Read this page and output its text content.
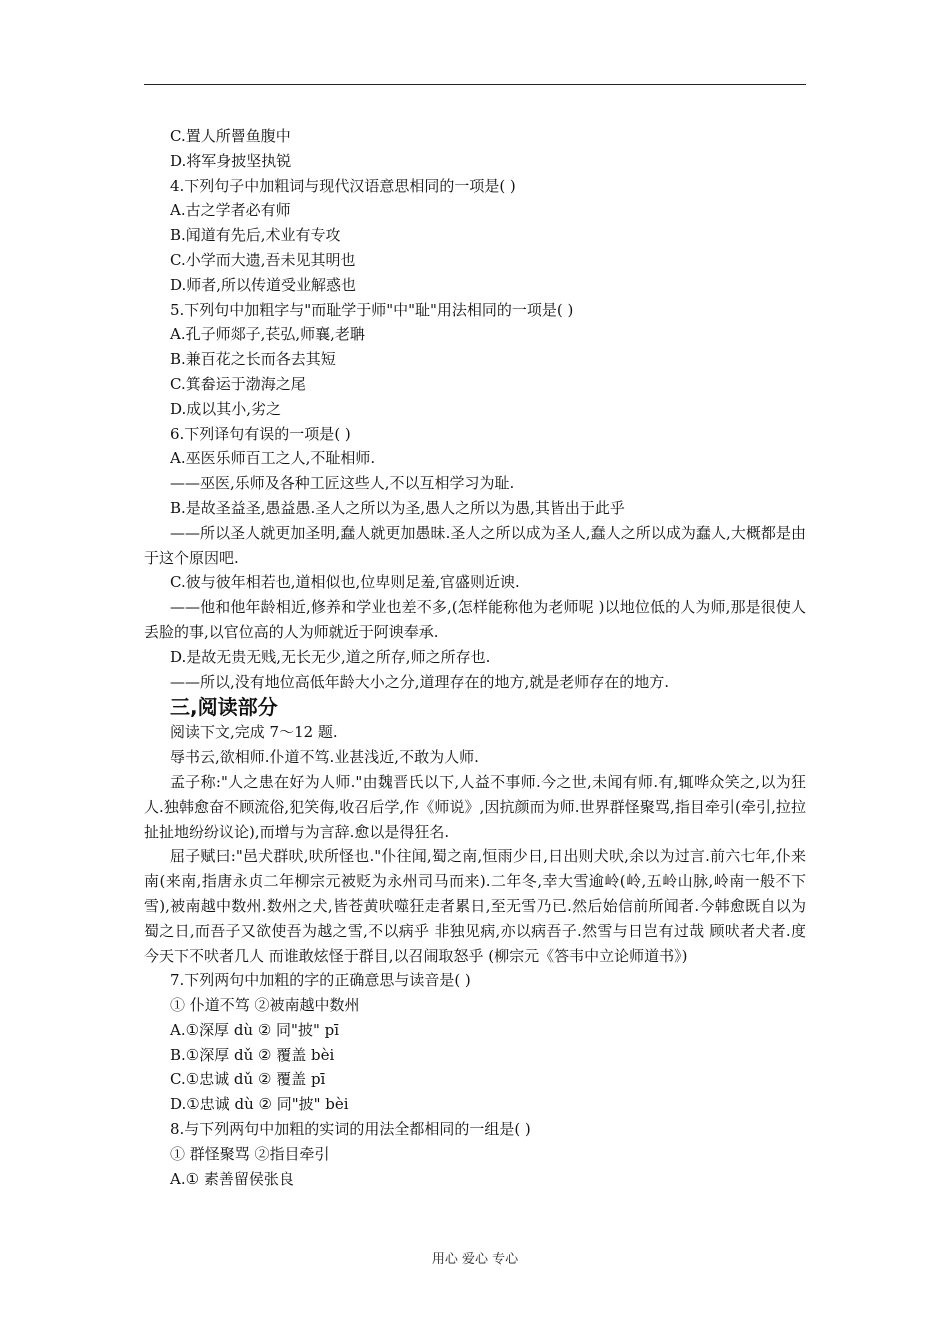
C.置人所罾鱼腹中
D.将军身披坚执锐
4.下列句子中加粗词与现代汉语意思相同的一项是( )
A.古之学者必有师
B.闻道有先后,术业有专攻
C.小学而大遗,吾未见其明也
D.师者,所以传道受业解惑也
5.下列句中加粗字与"而耻学于师"中"耻"用法相同的一项是( )
A.孔子师郯子,苌弘,师襄,老聃
B.兼百花之长而各去其短
C.箕畚运于渤海之尾
D.成以其小,劣之
6.下列译句有误的一项是( )
A.巫医乐师百工之人,不耻相师.
——巫医,乐师及各种工匠这些人,不以互相学习为耻.
B.是故圣益圣,愚益愚.圣人之所以为圣,愚人之所以为愚,其皆出于此乎
——所以圣人就更加圣明,蠢人就更加愚昧.圣人之所以成为圣人,蠢人之所以成为蠢人,大概都是由于这个原因吧.
C.彼与彼年相若也,道相似也,位卑则足羞,官盛则近谀.
——他和他年龄相近,修养和学业也差不多,(怎样能称他为老师呢 )以地位低的人为师,那是很使人丢脸的事,以官位高的人为师就近于阿谀奉承.
D.是故无贵无贱,无长无少,道之所存,师之所存也.
——所以,没有地位高低年龄大小之分,道理存在的地方,就是老师存在的地方.
三,阅读部分
阅读下文,完成 7～12 题.
辱书云,欲相师.仆道不笃.业甚浅近,不敢为人师.
孟子称:"人之患在好为人师."由魏晋氏以下,人益不事师.今之世,未闻有师.有,辄哗众笑之,以为狂人.独韩愈奋不顾流俗,犯笑侮,收召后学,作《师说》,因抗颜而为师.世界群怪聚骂,指目牵引(牵引,拉拉扯扯地纷纷议论),而增与为言辞.愈以是得狂名.
屈子赋曰:"邑犬群吠,吠所怪也."仆往闻,蜀之南,恒雨少日,日出则犬吠,余以为过言.前六七年,仆来南(来南,指唐永贞二年柳宗元被贬为永州司马而来).二年冬,幸大雪逾岭(岭,五岭山脉,岭南一般不下雪),被南越中数州.数州之犬,皆苍黄吠噬狂走者累日,至无雪乃已.然后始信前所闻者.今韩愈既自以为蜀之日,而吾子又欲使吾为越之雪,不以病乎 非独见病,亦以病吾子.然雪与日岂有过哉 顾吠者犬者.度今天下不吠者几人 而谁敢炫怪于群目,以召闹取怒乎 (柳宗元《答韦中立论师道书》)
7.下列两句中加粗的字的正确意思与读音是( )
① 仆道不笃 ②被南越中数州
A.①深厚 dù ② 同"披" pī
B.①深厚 dǔ ② 覆盖 bèi
C.①忠诚 dǔ ② 覆盖 pī
D.①忠诚 dù ② 同"披" bèi
8.与下列两句中加粗的实词的用法全都相同的一组是( )
① 群怪聚骂 ②指目牵引
A.① 素善留侯张良
用心 爱心 专心
